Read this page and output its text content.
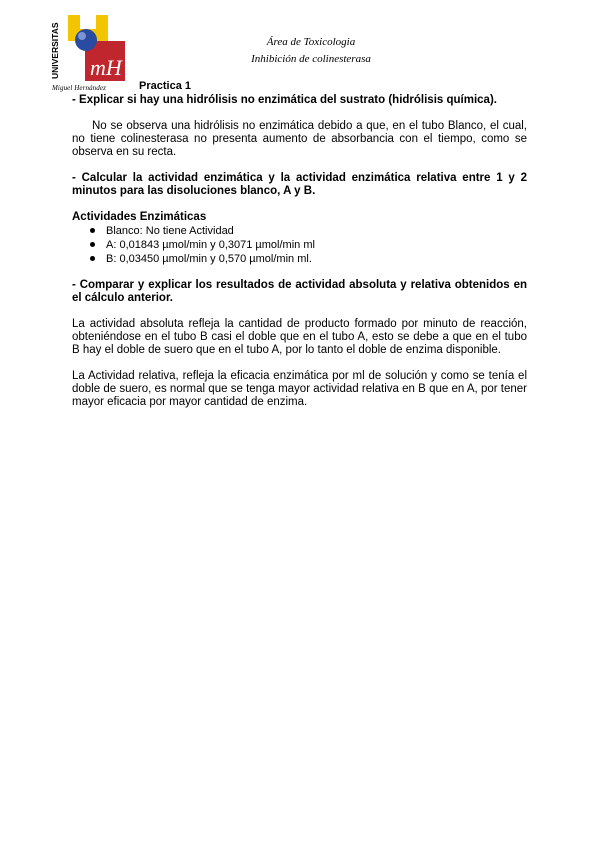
UNIVERSITAS mH
Miguel Hernández
Área de Toxicologia
Inhibición de colinesterasa
Practica 1

- Explicar si hay una hidrólisis no enzimática del sustrato (hidrólisis química).

No se observa una hidrólisis no enzimática debido a que, en el tubo Blanco, el cual, no tiene colinesterasa no presenta aumento de absorbancia con el tiempo, como se observa en su recta.

- Calcular la actividad enzimática y la actividad enzimática relativa entre 1 y 2 minutos para las disoluciones blanco, A y B.

Actividades Enzimáticas

Blanco: No tiene Actividad
A: 0,01843 µmol/min y 0,3071 µmol/min ml
B: 0,03450 µmol/min y 0,570 µmol/min ml.

- Comparar y explicar los resultados de actividad absoluta y relativa obtenidos en el cálculo anterior.

La actividad absoluta refleja la cantidad de producto formado por minuto de reacción, obteniéndose en el tubo B casi el doble que en el tubo A, esto se debe a que en el tubo B hay el doble de suero que en el tubo A, por lo tanto el doble de enzima disponible.

La Actividad relativa, refleja la eficacia enzimática por ml de solución y como se tenía el doble de suero, es normal que se tenga mayor actividad relativa en B que en A, por tener mayor eficacia por mayor cantidad de enzima.
